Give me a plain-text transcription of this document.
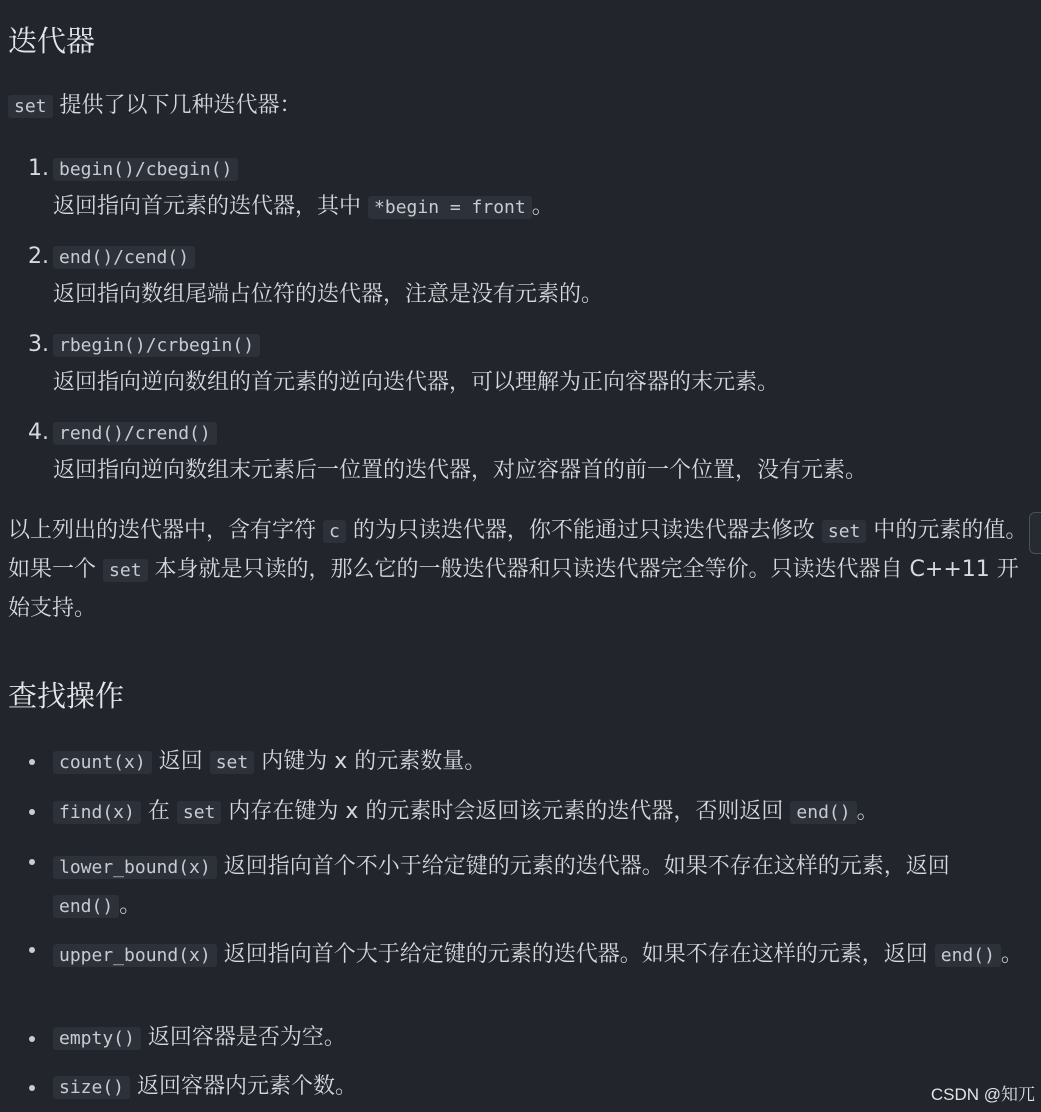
迭代器
set 提供了以下几种迭代器：
1. begin()/cbegin()
返回指向首元素的迭代器，其中 *begin = front 。
2. end()/cend()
返回指向数组尾端占位符的迭代器，注意是没有元素的。
3. rbegin()/crbegin()
返回指向逆向数组的首元素的逆向迭代器，可以理解为正向容器的末元素。
4. rend()/crend()
返回指向逆向数组末元素后一位置的迭代器，对应容器首的前一个位置，没有元素。
以上列出的迭代器中，含有字符 c 的为只读迭代器，你不能通过只读迭代器去修改 set 中的元素的值。如果一个 set 本身就是只读的，那么它的一般迭代器和只读迭代器完全等价。只读迭代器自 C++11 开始支持。
查找操作
count(x) 返回 set 内键为 x 的元素数量。
find(x) 在 set 内存在键为 x 的元素时会返回该元素的迭代器，否则返回 end() 。
lower_bound(x) 返回指向首个不小于给定键的元素的迭代器。如果不存在这样的元素，返回 end() 。
upper_bound(x) 返回指向首个大于给定键的元素的迭代器。如果不存在这样的元素，返回 end() 。
empty() 返回容器是否为空。
size() 返回容器内元素个数。	CSDN @知兀
